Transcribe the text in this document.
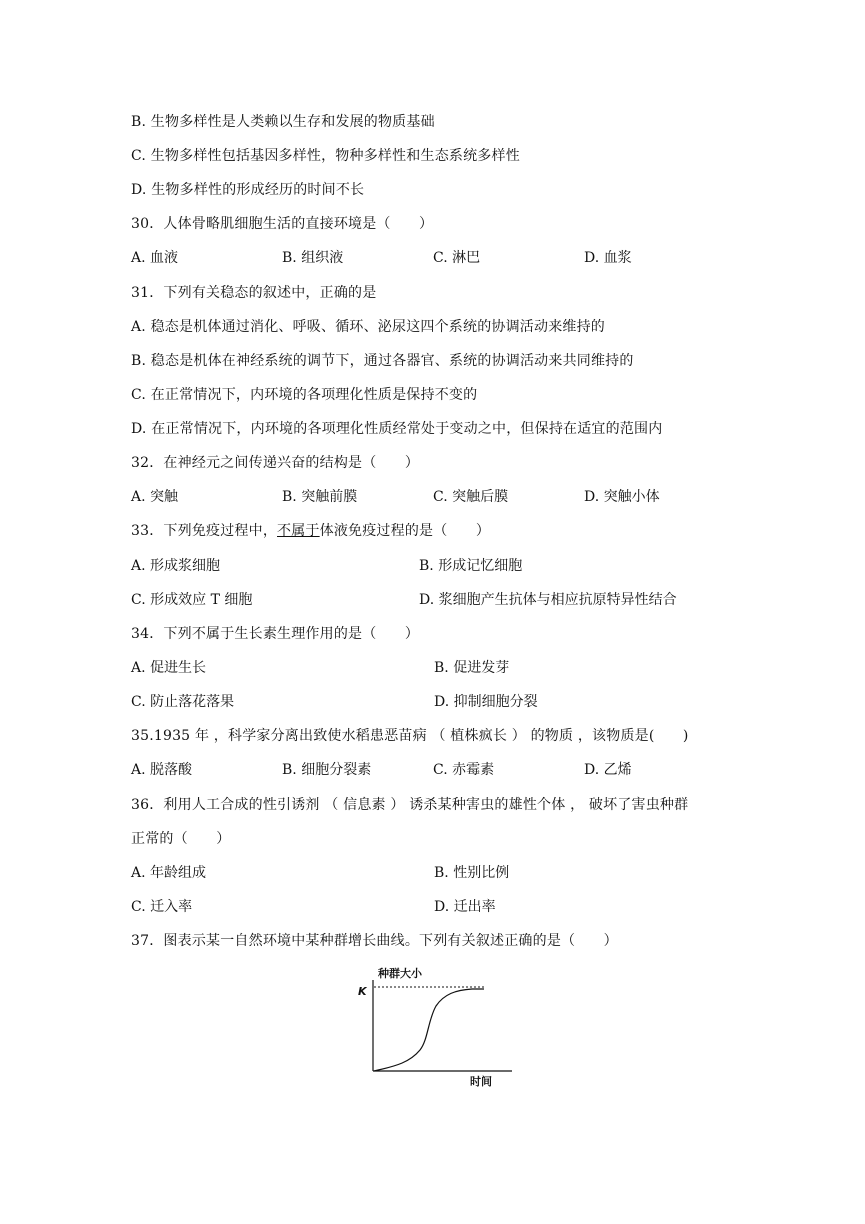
B. 生物多样性是人类赖以生存和发展的物质基础
C. 生物多样性包括基因多样性，物种多样性和生态系统多样性
D. 生物多样性的形成经历的时间不长
30．人体骨略肌细胞生活的直接环境是（　　）
A. 血液	B. 组织液	C. 淋巴	D. 血浆
31．下列有关稳态的叙述中，正确的是
A. 稳态是机体通过消化、呼吸、循环、泌尿这四个系统的协调活动来维持的
B. 稳态是机体在神经系统的调节下，通过各器官、系统的协调活动来共同维持的
C. 在正常情况下，内环境的各项理化性质是保持不变的
D. 在正常情况下，内环境的各项理化性质经常处于变动之中，但保持在适宜的范围内
32．在神经元之间传递兴奋的结构是（　　）
A. 突触	B. 突触前膜	C. 突触后膜	D. 突触小体
33．下列免疫过程中，不属于体液免疫过程的是（　　）
A. 形成浆细胞	B. 形成记忆细胞
C. 形成效应 T 细胞	D. 浆细胞产生抗体与相应抗原特异性结合
34．下列不属于生长素生理作用的是（　　）
A. 促进生长	B. 促进发芽
C. 防止落花落果	D. 抑制细胞分裂
35.1935 年 ，科学家分离出致使水稻患恶苗病 （ 植株疯长 ） 的物质 ，该物质是(　　)
A. 脱落酸	B. 细胞分裂素	C. 赤霉素	D. 乙烯
36．利用人工合成的性引诱剂 （ 信息素 ） 诱杀某种害虫的雄性个体 ， 破坏了害虫种群
正常的（　　）
A. 年龄组成	B. 性别比例
C. 迁入率	D. 迁出率
37．图表示某一自然环境中某种群增长曲线。下列有关叙述正确的是（　　）
种群大小
K
时间
